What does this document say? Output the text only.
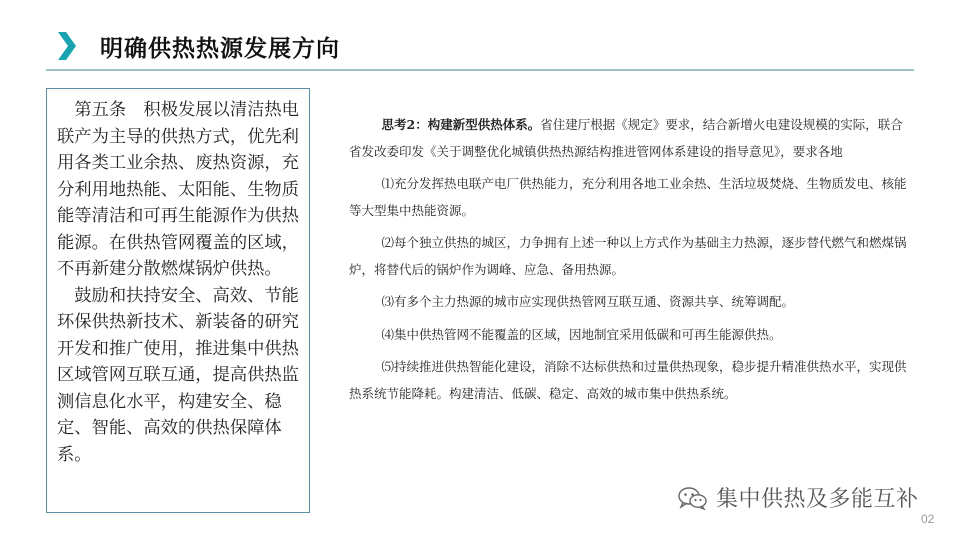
明确供热热源发展方向

第五条　积极发展以清洁热电联产为主导的供热方式，优先利用各类工业余热、废热资源，充分利用地热能、太阳能、生物质能等清洁和可再生能源作为供热能源。在供热管网覆盖的区域，不再新建分散燃煤锅炉供热。

鼓励和扶持安全、高效、节能环保供热新技术、新装备的研究开发和推广使用，推进集中供热区域管网互联互通，提高供热监测信息化水平，构建安全、稳定、智能、高效的供热保障体系。

思考2：构建新型供热体系。省住建厅根据《规定》要求，结合新增火电建设规模的实际，联合省发改委印发《关于调整优化城镇供热热源结构推进管网体系建设的指导意见》，要求各地

⑴充分发挥热电联产电厂供热能力，充分利用各地工业余热、生活垃圾焚烧、生物质发电、核能等大型集中热能资源。

⑵每个独立供热的城区，力争拥有上述一种以上方式作为基础主力热源，逐步替代燃气和燃煤锅炉，将替代后的锅炉作为调峰、应急、备用热源。

⑶有多个主力热源的城市应实现供热管网互联互通、资源共享、统筹调配。

⑷集中供热管网不能覆盖的区域，因地制宜采用低碳和可再生能源供热。

⑸持续推进供热智能化建设，消除不达标供热和过量供热现象，稳步提升精准供热水平，实现供热系统节能降耗。构建清洁、低碳、稳定、高效的城市集中供热系统。

集中供热及多能互补
02
